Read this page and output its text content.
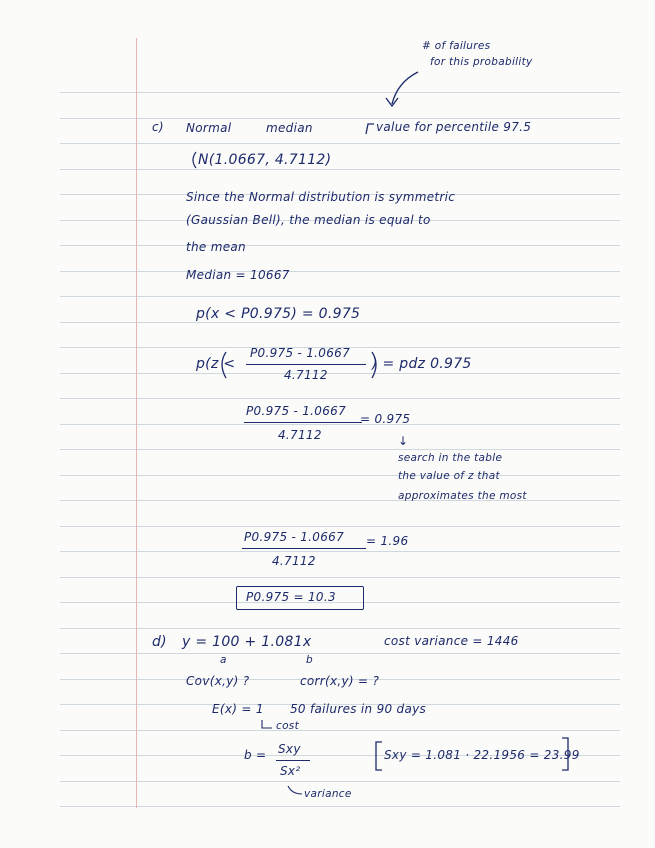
# of failures
for this probability
c) Normal	median	value for percentile 97.5
N(1.0667, 4.7112)
Since the Normal distribution is symmetric
(Gaussian Bell), the median is equal to
the mean
Median = 10667
p(x < P0.975) = 0.975
p(z <
P0.975 - 1.0667
4.7112
) = pdz 0.975
P0.975 - 1.0667
4.7112
= 0.975
↓
search in the table
the value of z that
approximates the most
P0.975 - 1.0667
4.7112
= 1.96
P0.975 = 10.3
d) y = 100 + 1.081x
a	b
cost variance = 1446
Cov(x,y) ?	corr(x,y) = ?
E(x) = 1 50 failures in 90 days
cost
b = Sxy
Sx²
Sxy = 1.081 · 22.1956 = 23.99
variance
